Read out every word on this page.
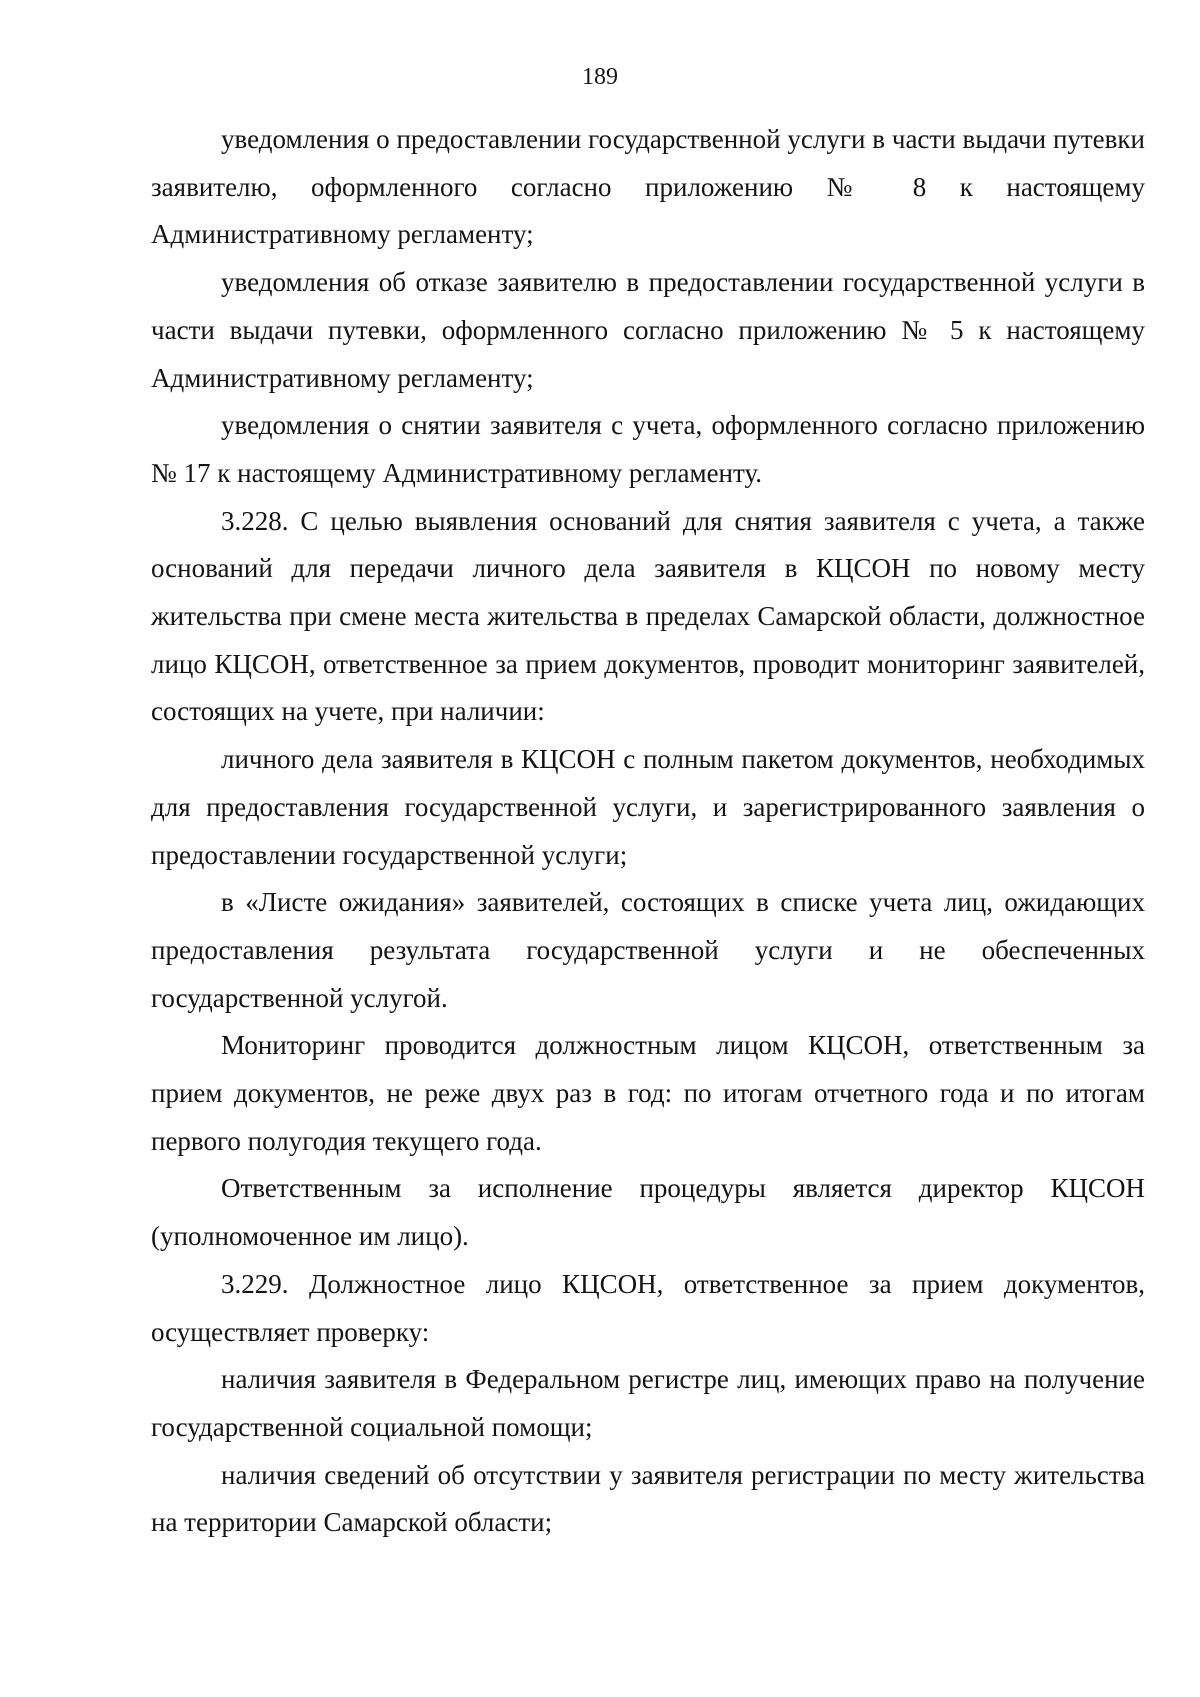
189

уведомления о предоставлении государственной услуги в части выдачи путевки заявителю, оформленного согласно приложению № 8 к настоящему Административному регламенту;

уведомления об отказе заявителю в предоставлении государственной услуги в части выдачи путевки, оформленного согласно приложению № 5 к настоящему Административному регламенту;

уведомления о снятии заявителя с учета, оформленного согласно приложению № 17 к настоящему Административному регламенту.

3.228. С целью выявления оснований для снятия заявителя с учета, а также оснований для передачи личного дела заявителя в КЦСОН по новому месту жительства при смене места жительства в пределах Самарской области, должностное лицо КЦСОН, ответственное за прием документов, проводит мониторинг заявителей, состоящих на учете, при наличии:

личного дела заявителя в КЦСОН с полным пакетом документов, необходимых для предоставления государственной услуги, и зарегистрированного заявления о предоставлении государственной услуги;

в «Листе ожидания» заявителей, состоящих в списке учета лиц, ожидающих предоставления результата государственной услуги и не обеспеченных государственной услугой.

Мониторинг проводится должностным лицом КЦСОН, ответственным за прием документов, не реже двух раз в год: по итогам отчетного года и по итогам первого полугодия текущего года.

Ответственным за исполнение процедуры является директор КЦСОН (уполномоченное им лицо).

3.229. Должностное лицо КЦСОН, ответственное за прием документов, осуществляет проверку:

наличия заявителя в Федеральном регистре лиц, имеющих право на получение государственной социальной помощи;

наличия сведений об отсутствии у заявителя регистрации по месту жительства на территории Самарской области;
